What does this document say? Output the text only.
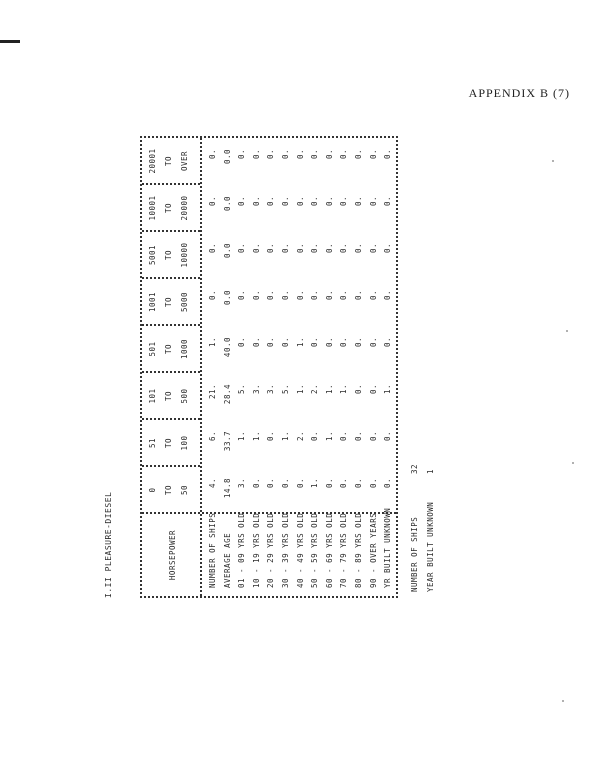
APPENDIX B (7)
I.II PLEASURE-DIESEL	HORSEPOWER
0 TO 50
51 TO 100
101 TO 500
501 TO 1000
1001 TO 5000
5001 TO 10000
10001 TO 20000
20001 TO OVER
NUMBER OF SHIPS
4.
6.
21.
1.
0.
0.
0.
0.
AVERAGE AGE
14.8
33.7
28.4
40.0
0.0
0.0
0.0
0.0
01 - 09 YRS OLD
3.
1.
5.
0.
0.
0.
0.
0.
10 - 19 YRS OLD
0.
1.
3.
0.
0.
0.
0.
0.
20 - 29 YRS OLD
0.
0.
3.
0.
0.
0.
0.
0.
30 - 39 YRS OLD
0.
1.
5.
0.
0.
0.
0.
0.
40 - 49 YRS OLD
0.
2.
1.
1.
0.
0.
0.
0.
50 - 59 YRS OLD
1.
0.
2.
0.
0.
0.
0.
0.
60 - 69 YRS OLD
0.
1.
1.
0.
0.
0.
0.
0.
70 - 79 YRS OLD
0.
0.
1.
0.
0.
0.
0.
0.
80 - 89 YRS OLD
0.
0.
0.
0.
0.
0.
0.
0.
90 - OVER YEARS
0.
0.
0.
0.
0.
0.
0.
0.
YR BUILT UNKNOWN
0.
0.
1.
0.
0.
0.
0.
0.
NUMBER OF SHIPS
32
YEAR BUILT UNKNOWN
1
